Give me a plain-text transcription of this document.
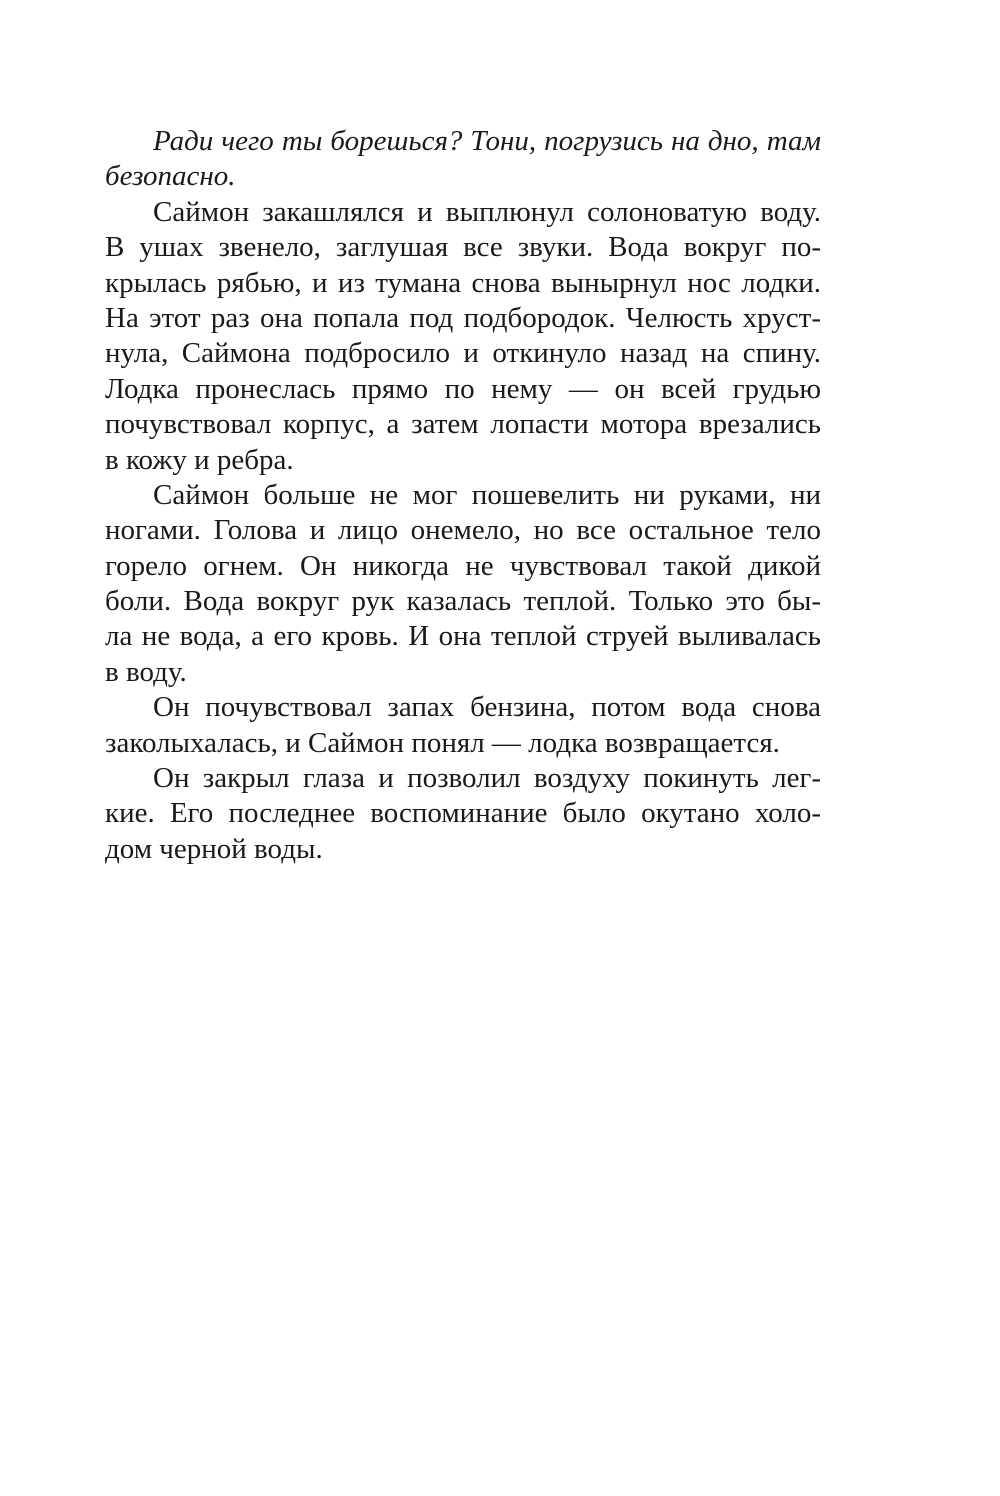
Ради чего ты борешься? Тони, погрузись на дно, там
безопасно.
Саймон закашлялся и выплюнул солоноватую воду.
В ушах звенело, заглушая все звуки. Вода вокруг по-
крылась рябью, и из тумана снова вынырнул нос лодки.
На этот раз она попала под подбородок. Челюсть хруст-
нула, Саймона подбросило и откинуло назад на спину.
Лодка пронеслась прямо по нему — он всей грудью
почувствовал корпус, а затем лопасти мотора врезались
в кожу и ребра.
Саймон больше не мог пошевелить ни руками, ни
ногами. Голова и лицо онемело, но все остальное тело
горело огнем. Он никогда не чувствовал такой дикой
боли. Вода вокруг рук казалась теплой. Только это бы-
ла не вода, а его кровь. И она теплой струей выливалась
в воду.
Он почувствовал запах бензина, потом вода снова
заколыхалась, и Саймон понял — лодка возвращается.
Он закрыл глаза и позволил воздуху покинуть лег-
кие. Его последнее воспоминание было окутано холо-
дом черной воды.
